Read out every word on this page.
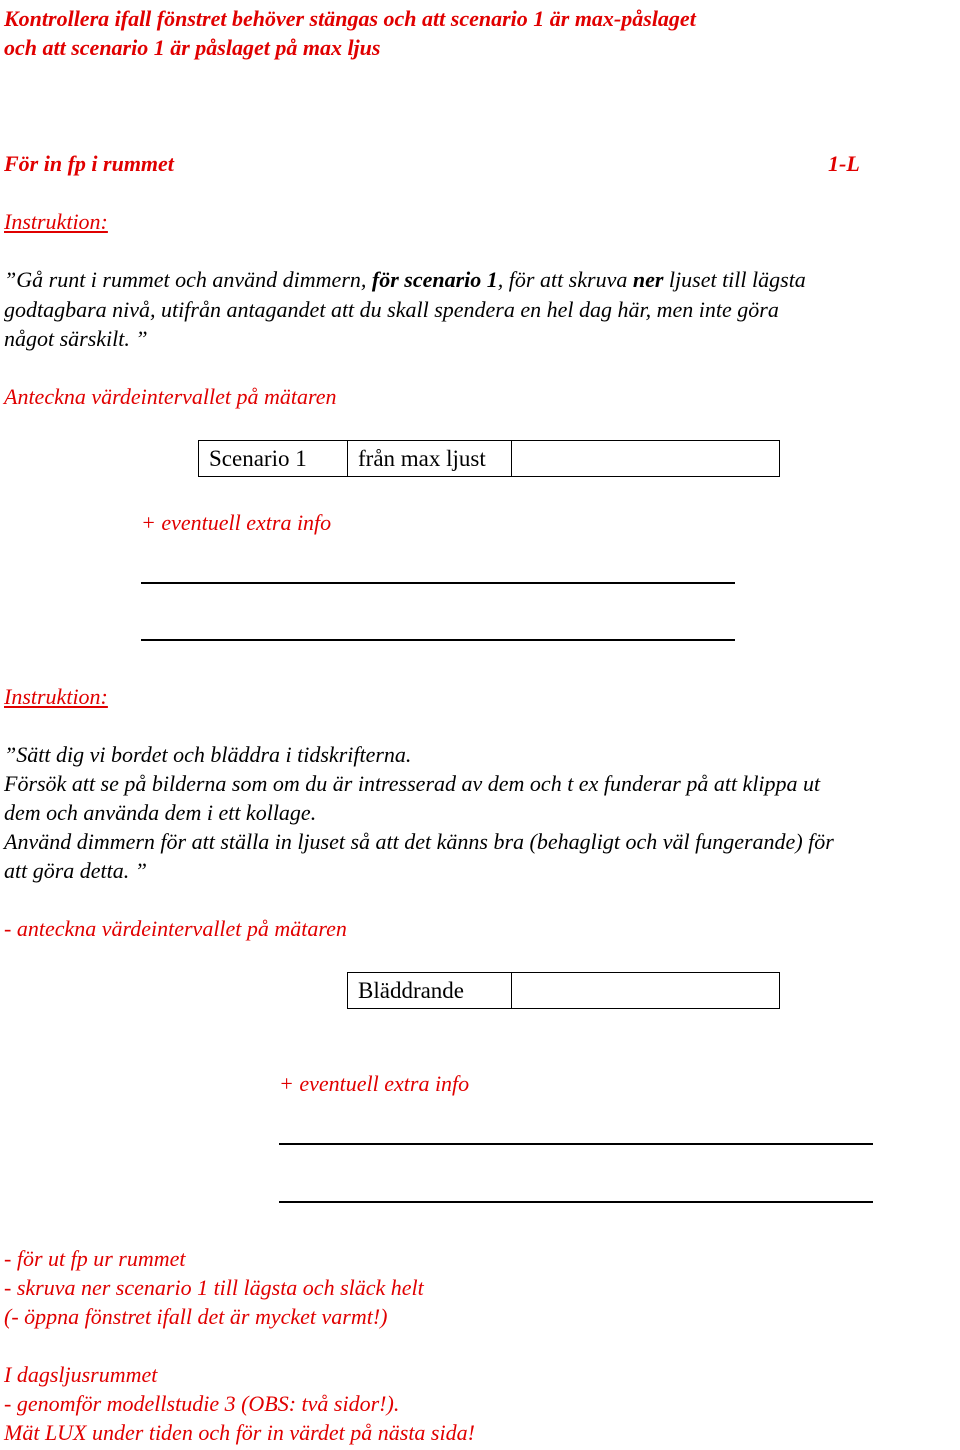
Kontrollera ifall fönstret behöver stängas och att scenario 1 är max-påslaget
och att scenario 1 är påslaget på max ljus
För in fp i rummet	1-L
Instruktion:
”Gå runt i rummet och använd dimmern, för scenario 1, för att skruva ner ljuset till lägsta
godtagbara nivå, utifrån antagandet att du skall spendera en hel dag här, men inte göra
något särskilt. ”
Anteckna värdeintervallet på mätaren
Scenario 1	från max ljust	
+ eventuell extra info
Instruktion:
”Sätt dig vi bordet och bläddra i tidskrifterna.
Försök att se på bilderna som om du är intresserad av dem och t ex funderar på att klippa ut
dem och använda dem i ett kollage.
Använd dimmern för att ställa in ljuset så att det känns bra (behagligt och väl fungerande) för
att göra detta. ”
- anteckna värdeintervallet på mätaren
Bläddrande	
+ eventuell extra info
- för ut fp ur rummet
- skruva ner scenario 1 till lägsta och släck helt
(- öppna fönstret ifall det är mycket varmt!)
I dagsljusrummet
- genomför modellstudie 3 (OBS: två sidor!).
Mät LUX under tiden och för in värdet på nästa sida!
